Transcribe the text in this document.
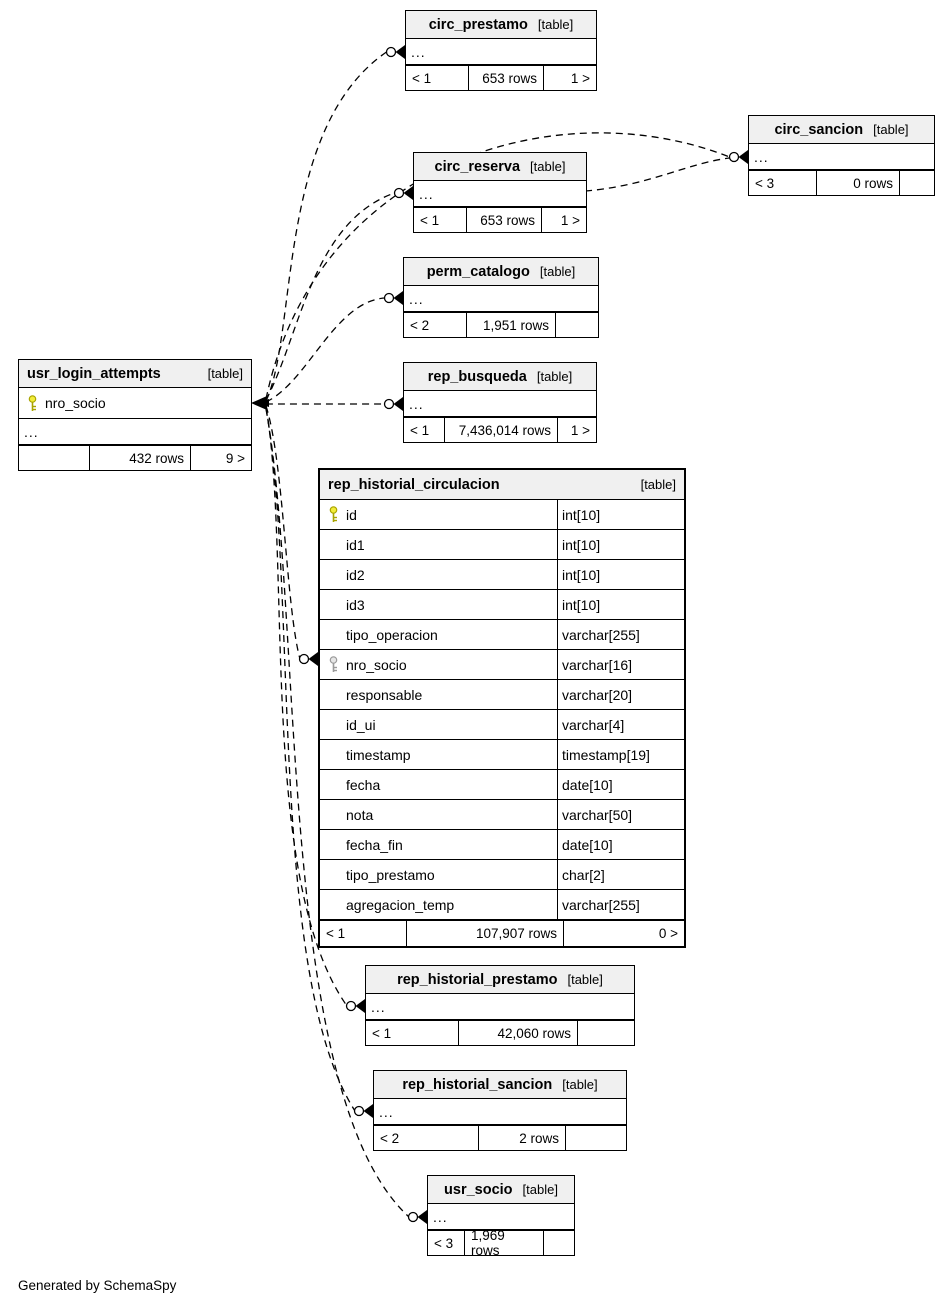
circ_prestamo [table]
...
< 1	653 rows	1 >
circ_sancion [table]
...
< 3	0 rows
circ_reserva [table]
...
< 1	653 rows	1 >
perm_catalogo [table]
...
< 2	1,951 rows
rep_busqueda [table]
...
< 1	7,436,014 rows	1 >
usr_login_attempts	[table]
nro_socio
...
432 rows	9 >
rep_historial_circulacion	[table]
id	int[10]
id1	int[10]
id2	int[10]
id3	int[10]
tipo_operacion	varchar[255]
nro_socio	varchar[16]
responsable	varchar[20]
id_ui	varchar[4]
timestamp	timestamp[19]
fecha	date[10]
nota	varchar[50]
fecha_fin	date[10]
tipo_prestamo	char[2]
agregacion_temp	varchar[255]
< 1	107,907 rows	0 >
rep_historial_prestamo [table]
...
< 1	42,060 rows
rep_historial_sancion [table]
...
< 2	2 rows
usr_socio [table]
...
< 3	1,969 rows
Generated by SchemaSpy
